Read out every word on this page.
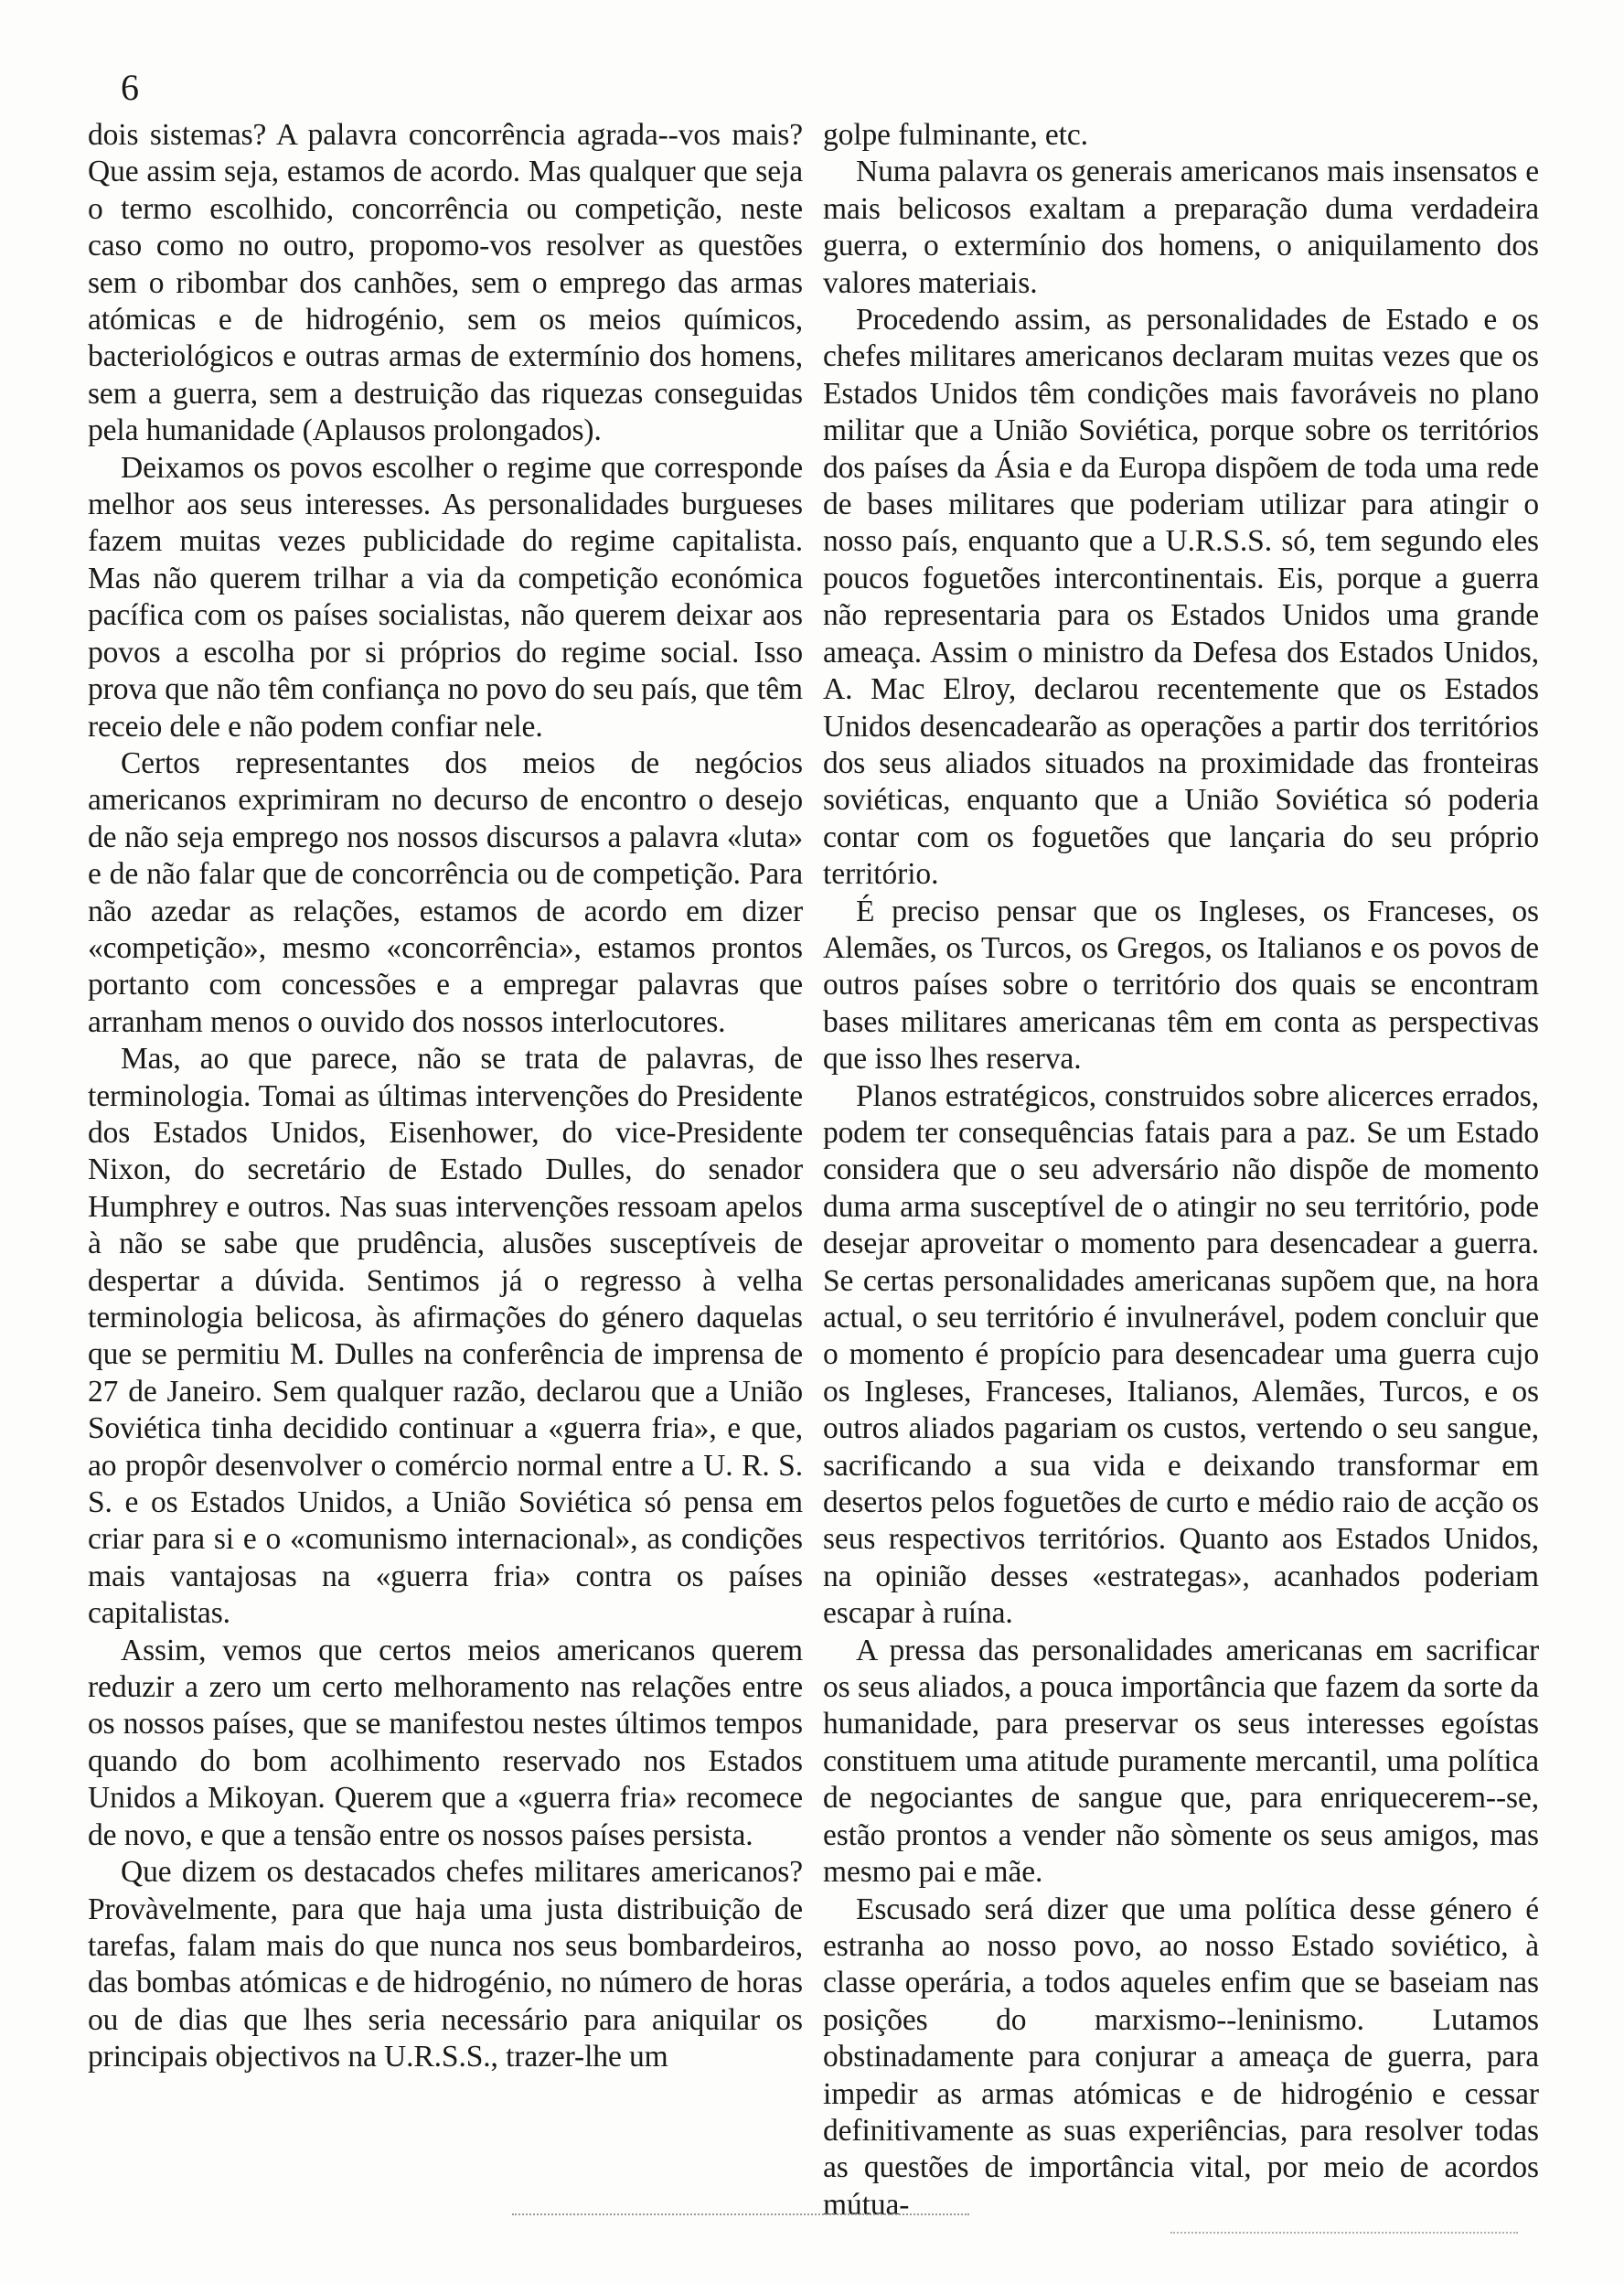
6

dois sistemas? A palavra concorrência agrada--vos mais? Que assim seja, estamos de acordo. Mas qualquer que seja o termo escolhido, concorrência ou competição, neste caso como no outro, propomo-vos resolver as questões sem o ribombar dos canhões, sem o emprego das armas atómicas e de hidrogénio, sem os meios químicos, bacteriológicos e outras armas de extermínio dos homens, sem a guerra, sem a destruição das riquezas conseguidas pela humanidade (Aplausos prolongados).

Deixamos os povos escolher o regime que corresponde melhor aos seus interesses. As personalidades burgueses fazem muitas vezes publicidade do regime capitalista. Mas não querem trilhar a via da competição económica pacífica com os países socialistas, não querem deixar aos povos a escolha por si próprios do regime social. Isso prova que não têm confiança no povo do seu país, que têm receio dele e não podem confiar nele.

Certos representantes dos meios de negócios americanos exprimiram no decurso de encontro o desejo de não seja emprego nos nossos discursos a palavra «luta» e de não falar que de concorrência ou de competição. Para não azedar as relações, estamos de acordo em dizer «competição», mesmo «concorrência», estamos prontos portanto com concessões e a empregar palavras que arranham menos o ouvido dos nossos interlocutores.

Mas, ao que parece, não se trata de palavras, de terminologia. Tomai as últimas intervenções do Presidente dos Estados Unidos, Eisenhower, do vice-Presidente Nixon, do secretário de Estado Dulles, do senador Humphrey e outros. Nas suas intervenções ressoam apelos à não se sabe que prudência, alusões susceptíveis de despertar a dúvida. Sentimos já o regresso à velha terminologia belicosa, às afirmações do género daquelas que se permitiu M. Dulles na conferência de imprensa de 27 de Janeiro. Sem qualquer razão, declarou que a União Soviética tinha decidido continuar a «guerra fria», e que, ao propôr desenvolver o comércio normal entre a U. R. S. S. e os Estados Unidos, a União Soviética só pensa em criar para si e o «comunismo internacional», as condições mais vantajosas na «guerra fria» contra os países capitalistas.

Assim, vemos que certos meios americanos querem reduzir a zero um certo melhoramento nas relações entre os nossos países, que se manifestou nestes últimos tempos quando do bom acolhimento reservado nos Estados Unidos a Mikoyan. Querem que a «guerra fria» recomece de novo, e que a tensão entre os nossos países persista.

Que dizem os destacados chefes militares americanos? Provàvelmente, para que haja uma justa distribuição de tarefas, falam mais do que nunca nos seus bombardeiros, das bombas atómicas e de hidrogénio, no número de horas ou de dias que lhes seria necessário para aniquilar os principais objectivos na U.R.S.S., trazer-lhe um

golpe fulminante, etc.

Numa palavra os generais americanos mais insensatos e mais belicosos exaltam a preparação duma verdadeira guerra, o extermínio dos homens, o aniquilamento dos valores materiais.

Procedendo assim, as personalidades de Estado e os chefes militares americanos declaram muitas vezes que os Estados Unidos têm condições mais favoráveis no plano militar que a União Soviética, porque sobre os territórios dos países da Ásia e da Europa dispõem de toda uma rede de bases militares que poderiam utilizar para atingir o nosso país, enquanto que a U.R.S.S. só, tem segundo eles poucos foguetões intercontinentais. Eis, porque a guerra não representaria para os Estados Unidos uma grande ameaça. Assim o ministro da Defesa dos Estados Unidos, A. Mac Elroy, declarou recentemente que os Estados Unidos desencadearão as operações a partir dos territórios dos seus aliados situados na proximidade das fronteiras soviéticas, enquanto que a União Soviética só poderia contar com os foguetões que lançaria do seu próprio território.

É preciso pensar que os Ingleses, os Franceses, os Alemães, os Turcos, os Gregos, os Italianos e os povos de outros países sobre o território dos quais se encontram bases militares americanas têm em conta as perspectivas que isso lhes reserva.

Planos estratégicos, construidos sobre alicerces errados, podem ter consequências fatais para a paz. Se um Estado considera que o seu adversário não dispõe de momento duma arma susceptível de o atingir no seu território, pode desejar aproveitar o momento para desencadear a guerra. Se certas personalidades americanas supõem que, na hora actual, o seu território é invulnerável, podem concluir que o momento é propício para desencadear uma guerra cujo os Ingleses, Franceses, Italianos, Alemães, Turcos, e os outros aliados pagariam os custos, vertendo o seu sangue, sacrificando a sua vida e deixando transformar em desertos pelos foguetões de curto e médio raio de acção os seus respectivos territórios. Quanto aos Estados Unidos, na opinião desses «estrategas», acanhados poderiam escapar à ruína.

A pressa das personalidades americanas em sacrificar os seus aliados, a pouca importância que fazem da sorte da humanidade, para preservar os seus interesses egoístas constituem uma atitude puramente mercantil, uma política de negociantes de sangue que, para enriquecerem--se, estão prontos a vender não sòmente os seus amigos, mas mesmo pai e mãe.

Escusado será dizer que uma política desse género é estranha ao nosso povo, ao nosso Estado soviético, à classe operária, a todos aqueles enfim que se baseiam nas posições do marxismo--leninismo. Lutamos obstinadamente para conjurar a ameaça de guerra, para impedir as armas atómicas e de hidrogénio e cessar definitivamente as suas experiências, para resolver todas as questões de importância vital, por meio de acordos mútua-
